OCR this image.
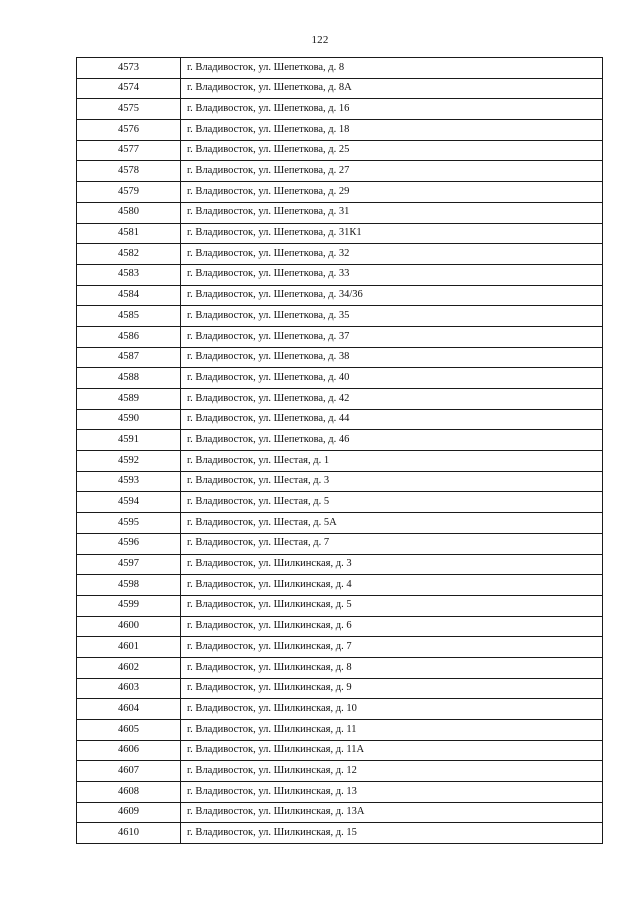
122
4573	г. Владивосток, ул. Шепеткова, д. 8
4574	г. Владивосток, ул. Шепеткова, д. 8А
4575	г. Владивосток, ул. Шепеткова, д. 16
4576	г. Владивосток, ул. Шепеткова, д. 18
4577	г. Владивосток, ул. Шепеткова, д. 25
4578	г. Владивосток, ул. Шепеткова, д. 27
4579	г. Владивосток, ул. Шепеткова, д. 29
4580	г. Владивосток, ул. Шепеткова, д. 31
4581	г. Владивосток, ул. Шепеткова, д. 31К1
4582	г. Владивосток, ул. Шепеткова, д. 32
4583	г. Владивосток, ул. Шепеткова, д. 33
4584	г. Владивосток, ул. Шепеткова, д. 34/36
4585	г. Владивосток, ул. Шепеткова, д. 35
4586	г. Владивосток, ул. Шепеткова, д. 37
4587	г. Владивосток, ул. Шепеткова, д. 38
4588	г. Владивосток, ул. Шепеткова, д. 40
4589	г. Владивосток, ул. Шепеткова, д. 42
4590	г. Владивосток, ул. Шепеткова, д. 44
4591	г. Владивосток, ул. Шепеткова, д. 46
4592	г. Владивосток, ул. Шестая, д. 1
4593	г. Владивосток, ул. Шестая, д. 3
4594	г. Владивосток, ул. Шестая, д. 5
4595	г. Владивосток, ул. Шестая, д. 5А
4596	г. Владивосток, ул. Шестая, д. 7
4597	г. Владивосток, ул. Шилкинская, д. 3
4598	г. Владивосток, ул. Шилкинская, д. 4
4599	г. Владивосток, ул. Шилкинская, д. 5
4600	г. Владивосток, ул. Шилкинская, д. 6
4601	г. Владивосток, ул. Шилкинская, д. 7
4602	г. Владивосток, ул. Шилкинская, д. 8
4603	г. Владивосток, ул. Шилкинская, д. 9
4604	г. Владивосток, ул. Шилкинская, д. 10
4605	г. Владивосток, ул. Шилкинская, д. 11
4606	г. Владивосток, ул. Шилкинская, д. 11А
4607	г. Владивосток, ул. Шилкинская, д. 12
4608	г. Владивосток, ул. Шилкинская, д. 13
4609	г. Владивосток, ул. Шилкинская, д. 13А
4610	г. Владивосток, ул. Шилкинская, д. 15
